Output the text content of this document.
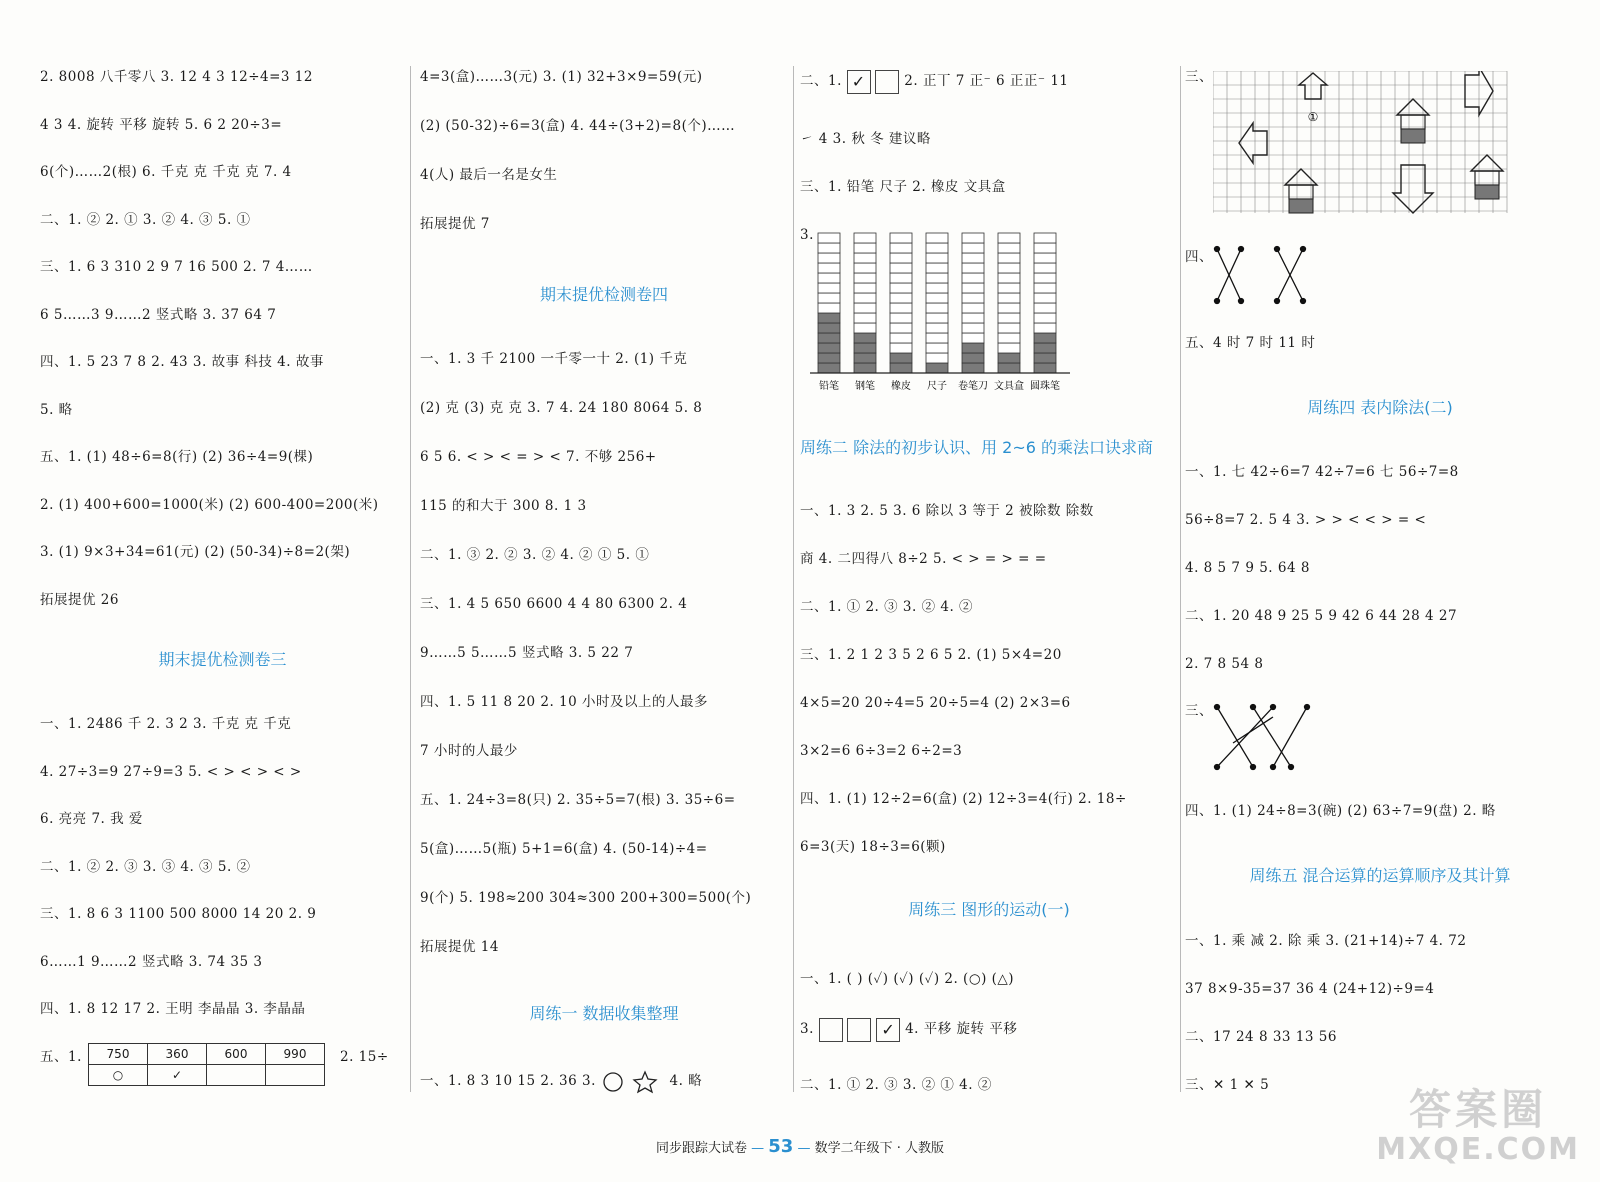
2. 8008 八千零八 3. 12 4 3 12÷4=3 12
4 3 4. 旋转 平移 旋转 5. 6 2 20÷3=
6(个)……2(根) 6. 千克 克 千克 克 7. 4
二、1. ② 2. ① 3. ② 4. ③ 5. ①
三、1. 6 3 310 2 9 7 16 500 2. 7 4……
6 5……3 9……2 竖式略 3. 37 64 7
四、1. 5 23 7 8 2. 43 3. 故事 科技 4. 故事
5. 略
五、1. (1) 48÷6=8(行) (2) 36÷4=9(棵)
2. (1) 400+600=1000(米) (2) 600-400=200(米)
3. (1) 9×3+34=61(元) (2) (50-34)÷8=2(架)
拓展提优 26
期末提优检测卷三
一、1. 2486 千 2. 3 2 3. 千克 克 千克
4. 27÷3=9 27÷9=3 5. < > < > < >
6. 亮亮 7. 我 爱
二、1. ② 2. ③ 3. ③ 4. ③ 5. ②
三、1. 8 6 3 1100 500 8000 14 20 2. 9
6……1 9……2 竖式略 3. 74 35 3
四、1. 8 12 17 2. 王明 李晶晶 3. 李晶晶
五、1.	750	360	600	990
○	✓		
2. 15÷
4=3(盒)……3(元) 3. (1) 32+3×9=59(元)
(2) (50-32)÷6=3(盒) 4. 44÷(3+2)=8(个)……
4(人) 最后一名是女生
拓展提优 7
期末提优检测卷四
一、1. 3 千 2100 一千零一十 2. (1) 千克
(2) 克 (3) 克 克 3. 7 4. 24 180 8064 5. 8
6 5 6. < > < = > < 7. 不够 256+
115 的和大于 300 8. 1 3
二、1. ③ 2. ② 3. ② 4. ② ① 5. ①
三、1. 4 5 650 6600 4 4 80 6300 2. 4
9……5 5……5 竖式略 3. 5 22 7
四、1. 5 11 8 20 2. 10 小时及以上的人最多
7 小时的人最少
五、1. 24÷3=8(只) 2. 35÷5=7(根) 3. 35÷6=
5(盒)……5(瓶) 5+1=6(盒) 4. (50-14)÷4=
9(个) 5. 198≈200 304≈300 200+300=500(个)
拓展提优 14
周练一 数据收集整理
一、1. 8 3 10 15 2. 36 3.	4. 略
二、1. ✓	2. 正丅 7 正⁻ 6 正正⁻ 11
㇀ 4 3. 秋 冬 建议略
三、1. 铅笔 尺子 2. 橡皮 文具盒
3.
铅笔 钢笔 橡皮 尺子 卷笔刀 文具盒 圆珠笔
周练二 除法的初步认识、用 2~6 的乘法口诀求商
一、1. 3 2. 5 3. 6 除以 3 等于 2 被除数 除数
商 4. 二四得八 8÷2 5. < > = > = =
二、1. ① 2. ③ 3. ② 4. ②
三、1. 2 1 2 3 5 2 6 5 2. (1) 5×4=20
4×5=20 20÷4=5 20÷5=4 (2) 2×3=6
3×2=6 6÷3=2 6÷2=3
四、1. (1) 12÷2=6(盒) (2) 12÷3=4(行) 2. 18÷
6=3(天) 18÷3=6(颗)
周练三 图形的运动(一)
一、1. ( ) (✓) (✓) (✓) 2. (○) (△)
3.	✓ 4. 平移 旋转 平移
二、1. ① 2. ③ 3. ② ① 4. ②
三、
①
四、
五、4 时 7 时 11 时
周练四 表内除法(二)
一、1. 七 42÷6=7 42÷7=6 七 56÷7=8
56÷8=7 2. 5 4 3. > > < < > = <
4. 8 5 7 9 5. 64 8
二、1. 20 48 9 25 5 9 42 6 44 28 4 27
2. 7 8 54 8
三、
四、1. (1) 24÷8=3(碗) (2) 63÷7=9(盘) 2. 略
周练五 混合运算的运算顺序及其计算
一、1. 乘 减 2. 除 乘 3. (21+14)÷7 4. 72
37 8×9-35=37 36 4 (24+12)÷9=4
二、17 24 8 33 13 56
三、✕ 1 ✕ 5
同步跟踪大试卷 — 53 — 数学二年级下 · 人教版
答案圈
MXQE.COM
